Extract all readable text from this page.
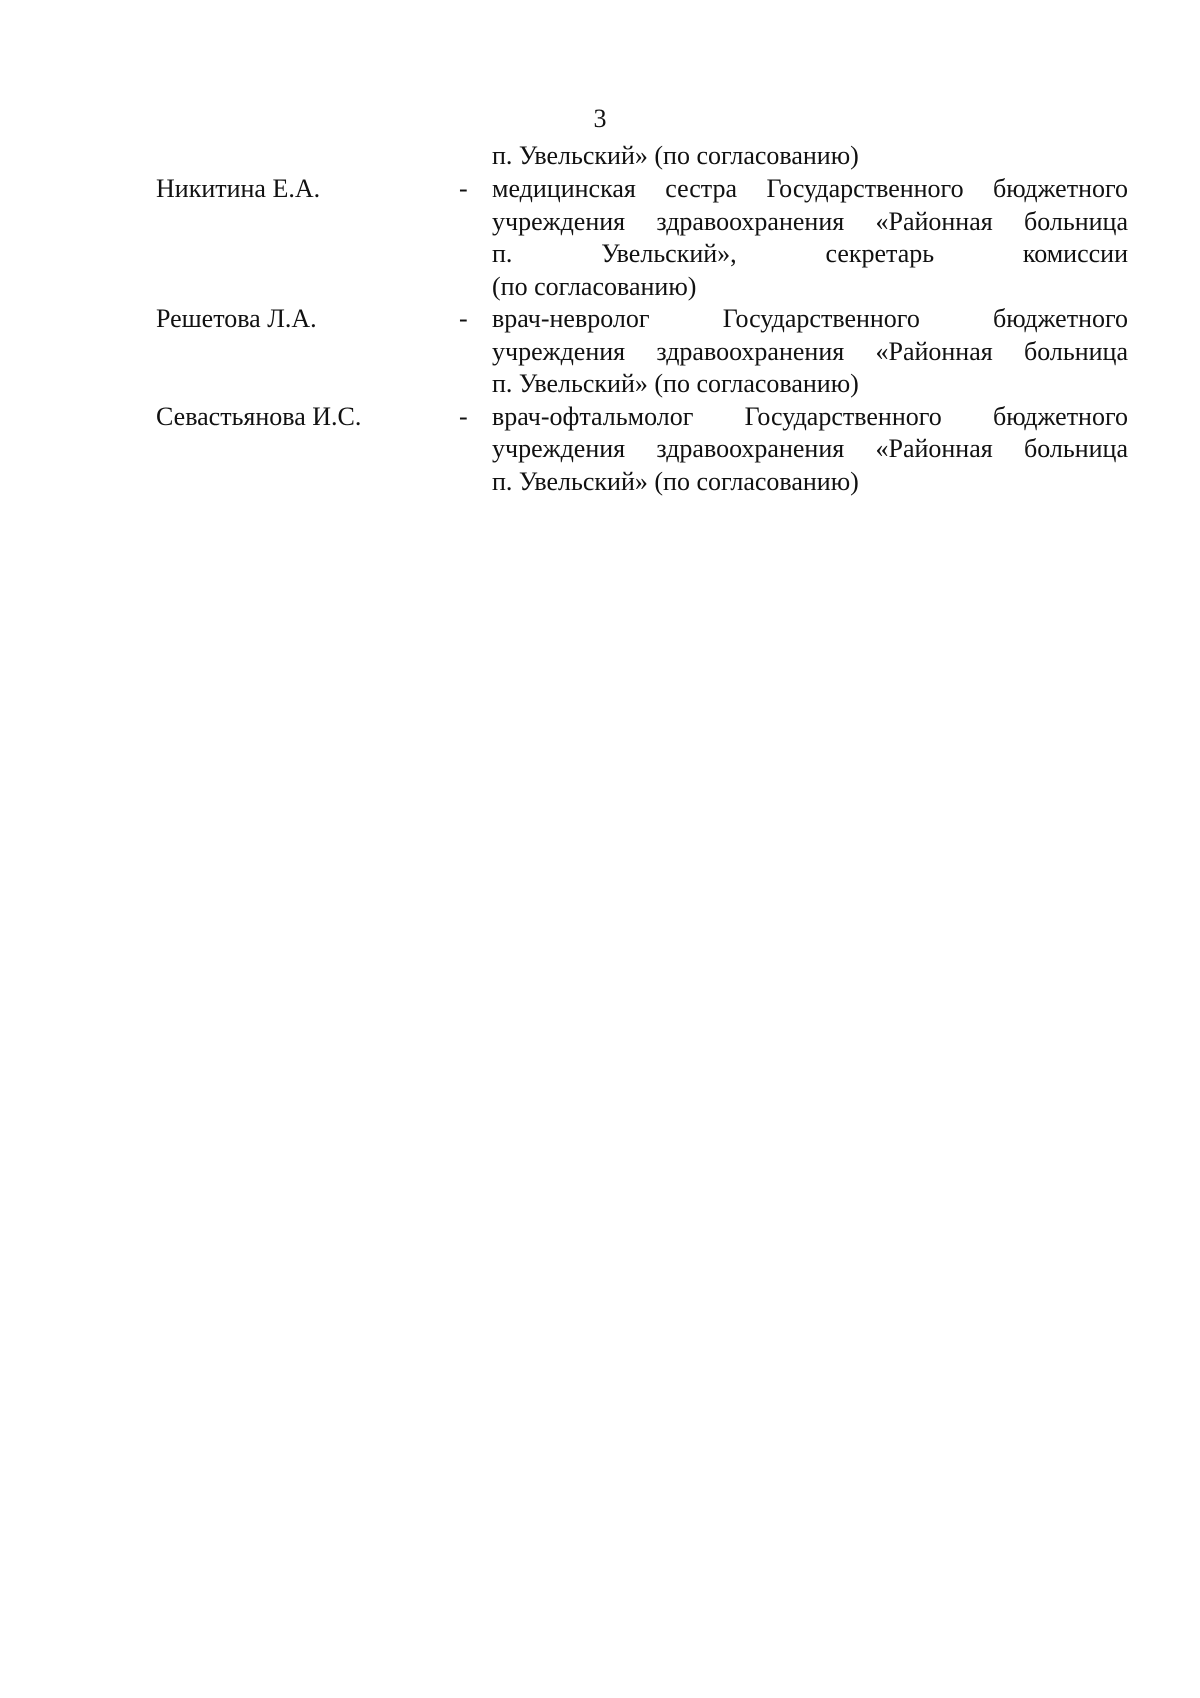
3
п. Увельский» (по согласованию)
Никитина Е.А.	- медицинская сестра Государственного бюджетного
учреждения здравоохранения «Районная больница
п. Увельский», секретарь комиссии
(по согласованию)
Решетова Л.А.	- врач-невролог Государственного бюджетного
учреждения здравоохранения «Районная больница
п. Увельский» (по согласованию)
Севастьянова И.С.	- врач-офтальмолог Государственного бюджетного
учреждения здравоохранения «Районная больница
п. Увельский» (по согласованию)
